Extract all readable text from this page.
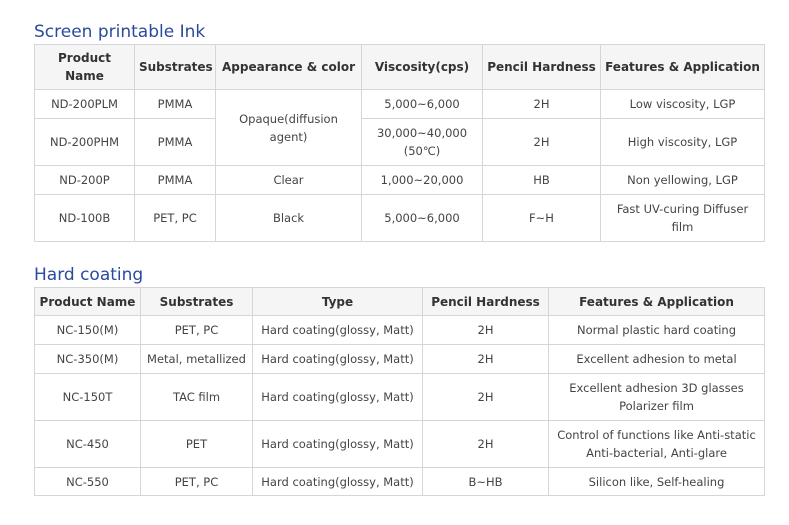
Screen printable Ink
Product Name	Substrates	Appearance & color	Viscosity(cps)	Pencil Hardness	Features & Application
ND-200PLM	PMMA	Opaque(diffusion agent)	5,000~6,000	2H	Low viscosity, LGP
ND-200PHM	PMMA		30,000~40,000 (50℃)	2H	High viscosity, LGP
ND-200P	PMMA	Clear	1,000~20,000	HB	Non yellowing, LGP
ND-100B	PET, PC	Black	5,000~6,000	F~H	Fast UV-curing Diffuser film
Hard coating
Product Name	Substrates	Type	Pencil Hardness	Features & Application
NC-150(M)	PET, PC	Hard coating(glossy, Matt)	2H	Normal plastic hard coating
NC-350(M)	Metal, metallized	Hard coating(glossy, Matt)	2H	Excellent adhesion to metal
NC-150T	TAC film	Hard coating(glossy, Matt)	2H	Excellent adhesion 3D glasses Polarizer film
NC-450	PET	Hard coating(glossy, Matt)	2H	Control of functions like Anti-static Anti-bacterial, Anti-glare
NC-550	PET, PC	Hard coating(glossy, Matt)	B~HB	Silicon like, Self-healing
